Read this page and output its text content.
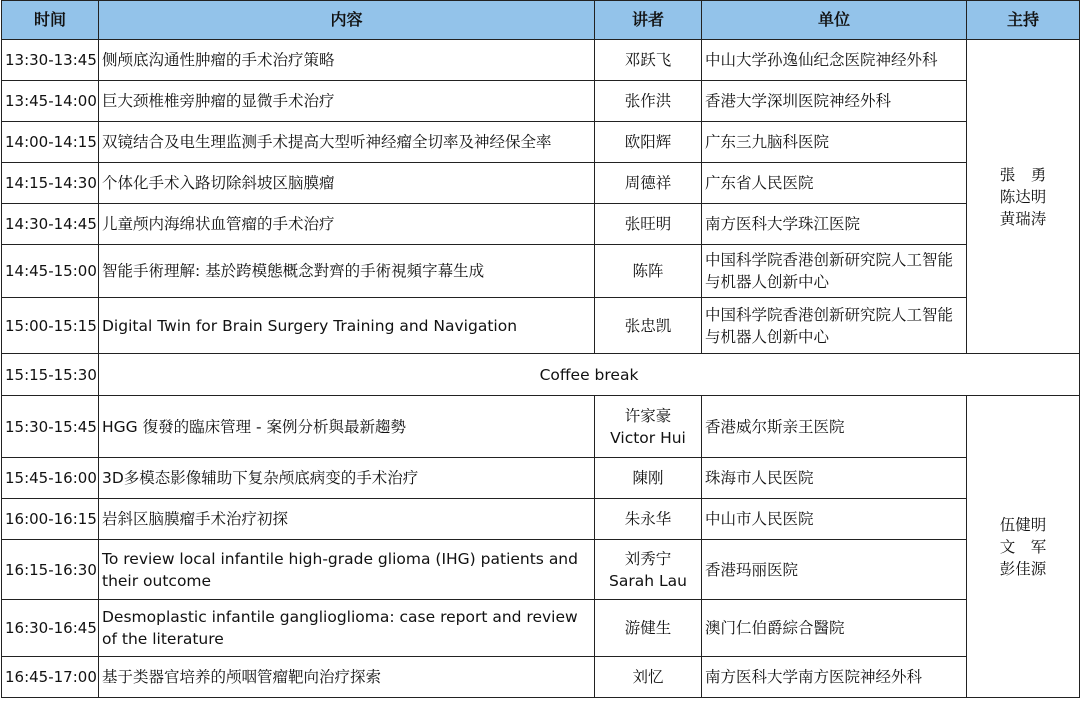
时间	内容	讲者	单位	主持
13:30-13:45	侧颅底沟通性肿瘤的手术治疗策略	邓跃飞	中山大学孙逸仙纪念医院神经外科	張　勇
陈达明
黄瑞涛

13:45-14:00	巨大颈椎椎旁肿瘤的显微手术治疗	张作洪	香港大学深圳医院神经外科	
14:00-14:15	双镜结合及电生理监测手术提高大型听神经瘤全切率及神经保全率	欧阳辉	广东三九脑科医院	
14:15-14:30	个体化手术入路切除斜坡区脑膜瘤	周德祥	广东省人民医院	
14:30-14:45	儿童颅内海绵状血管瘤的手术治疗	张旺明	南方医科大学珠江医院	
14:45-15:00	智能手術理解: 基於跨模態概念對齊的手術視頻字幕生成	陈阵	中国科学院香港创新研究院人工智能与机器人创新中心	
15:00-15:15	Digital Twin for Brain Surgery Training and Navigation	张忠凯	中国科学院香港创新研究院人工智能与机器人创新中心	
15:15-15:30	Coffee break			
15:30-15:45	HGG 復發的臨床管理 - 案例分析與最新趨勢	许家豪
Victor Hui	香港威尔斯亲王医院	伍健明
文　军
彭佳源

15:45-16:00	3D多模态影像辅助下复杂颅底病变的手术治疗	陳刚	珠海市人民医院	
16:00-16:15	岩斜区脑膜瘤手术治疗初探	朱永华	中山市人民医院	
16:15-16:30	To review local infantile high-grade glioma (IHG) patients and their outcome	刘秀宁
Sarah Lau	香港玛丽医院	
16:30-16:45	Desmoplastic infantile ganglioglioma: case report and review of the literature	游健生	澳门仁伯爵綜合醫院	
16:45-17:00	基于类器官培养的颅咽管瘤靶向治疗探索	刘忆	南方医科大学南方医院神经外科	
